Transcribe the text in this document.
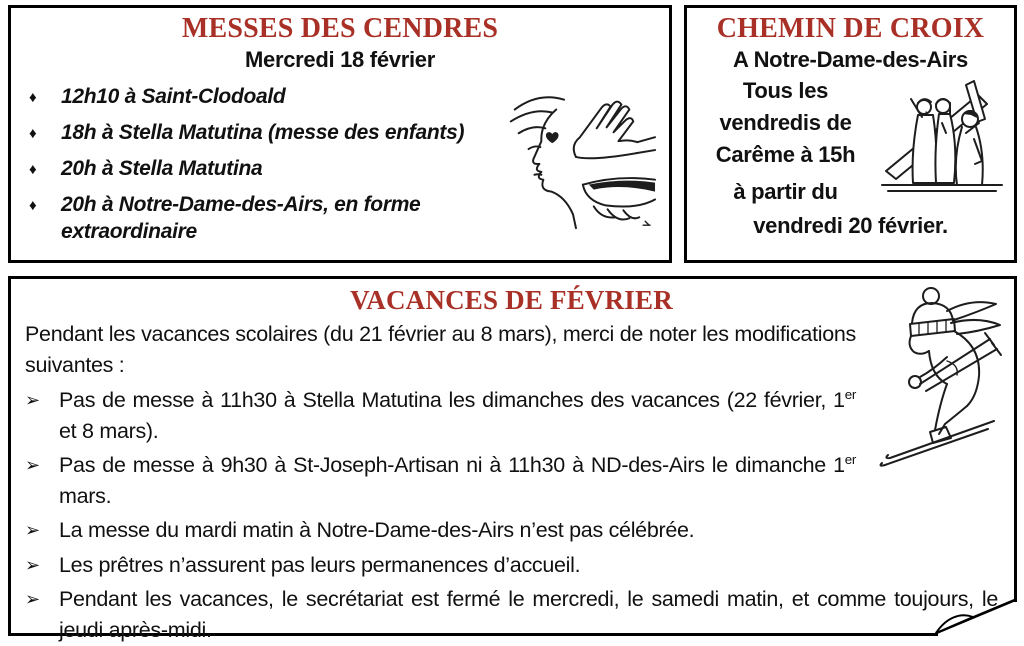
MESSES DES CENDRES
Mercredi 18 février
♦ 12h10 à Saint-Clodoald
♦ 18h à Stella Matutina (messe des enfants)
♦ 20h à Stella Matutina
♦ 20h à Notre-Dame-des-Airs, en forme extraordinaire
CHEMIN DE CROIX
A Notre-Dame-des-Airs
Tous les
vendredis de
Carême à 15h
à partir du
vendredi 20 février.
VACANCES DE FÉVRIER

Pendant les vacances scolaires (du 21 février au 8 mars), merci de noter les modifications suivantes :

➢ Pas de messe à 11h30 à Stella Matutina les dimanches des vacances (22 février, 1er et 8 mars).
➢ Pas de messe à 9h30 à St-Joseph-Artisan ni à 11h30 à ND-des-Airs le dimanche 1er mars.
➢ La messe du mardi matin à Notre-Dame-des-Airs n’est pas célébrée.
➢ Les prêtres n’assurent pas leurs permanences d’accueil.
➢ Pendant les vacances, le secrétariat est fermé le mercredi, le samedi matin, et comme toujours, le jeudi après-midi.
